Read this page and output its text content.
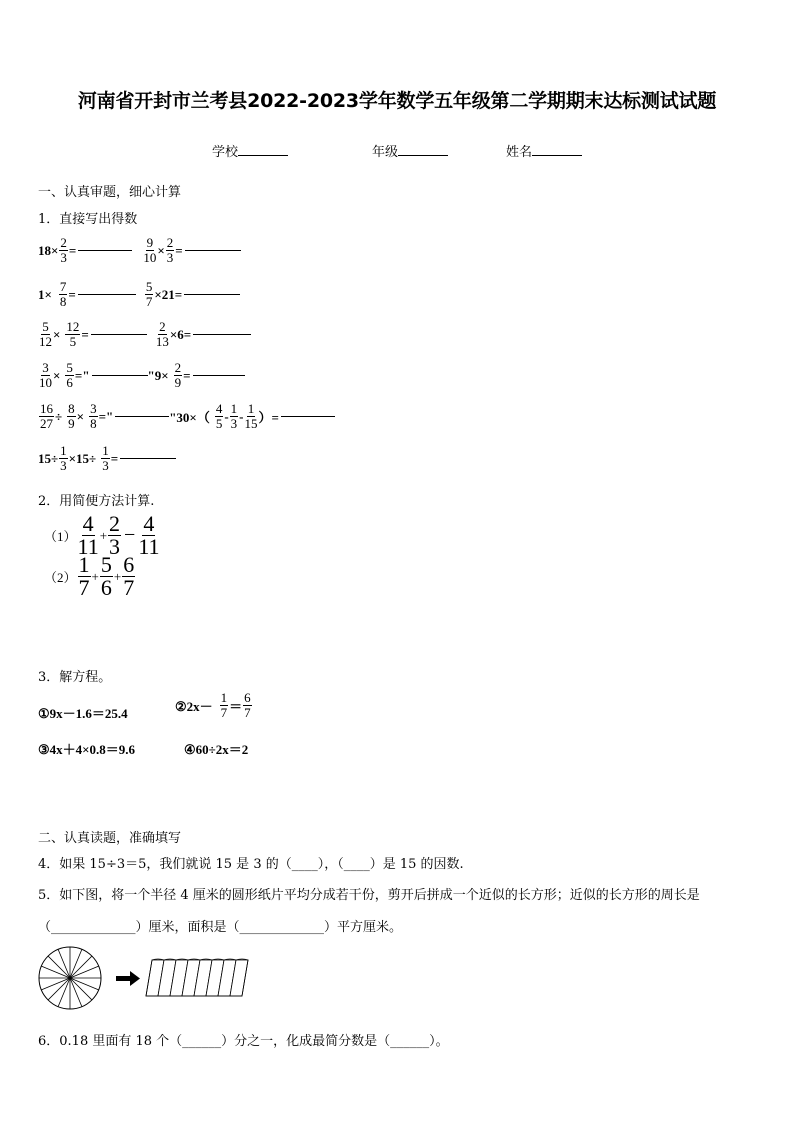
河南省开封市兰考县2022-2023学年数学五年级第二学期期末达标测试试题
学校	年级	姓名
一、认真审题，细心计算
1．直接写出得数
$18\times \frac{2}{3}$ =	$\frac{9}{10} \times \frac{2}{3}$ =
$1\times \frac{7}{8}$ =	$\frac{5}{7} \times 21=$
$\frac{5}{12} \times \frac{12}{5}$ =	$\frac{2}{13} \times 6=$
$\frac{3}{10} \times \frac{5}{6}$ ="	"$9\times \frac{2}{9}$ =
$\frac{16}{27} \div \frac{8}{9} \times \frac{3}{8}$ ="	"$30\times( \frac{4}{5} - \frac{1}{3} - \frac{1}{15}$ ）=
$15\div \frac{1}{3} \times 15\div \frac{1}{3}$ =
2．用简便方法计算.
$(1) \frac{4}{11} + \frac{2}{3} - \frac{4}{11}$
$(2) \frac{1}{7} + \frac{5}{6} + \frac{6}{7}$
3．解方程。
①9x－1.6＝25.4	②2x－ $\frac{1}{7} = \frac{6}{7}$
③4x＋4×0.8＝9.6	④60÷2x＝2
二、认真读题，准确填写
4．如果 15÷3＝5，我们就说 15 是 3 的（____），（____）是 15 的因数.
5．如下图，将一个半径 4 厘米的圆形纸片平均分成若干份，剪开后拼成一个近似的长方形；近似的长方形的周长是
（_____________）厘米，面积是（_____________）平方厘米。
6．0.18 里面有 18 个（______）分之一，化成最简分数是（______）。
